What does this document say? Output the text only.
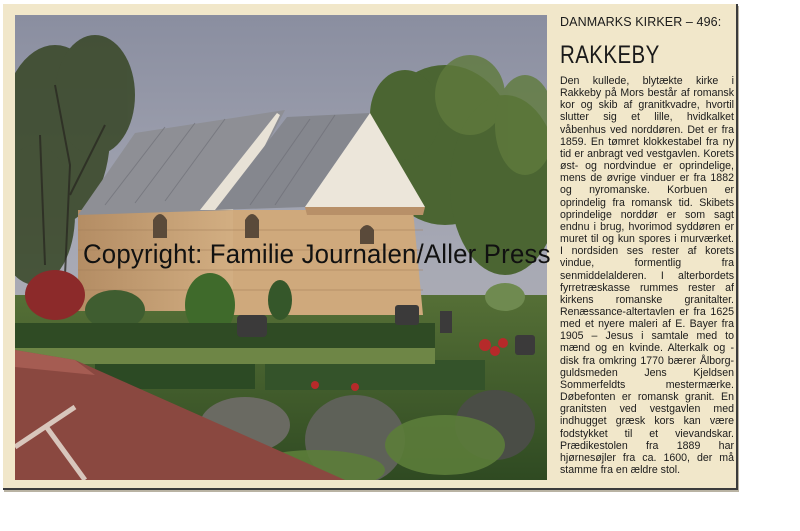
DANMARKS KIRKER – 496:
RAKKEBY
Den kullede, blytækte kirke i Rakkeby på Mors består af romansk kor og skib af granitkvadre, hvortil slutter sig et lille, hvidkalket våbenhus ved norddøren. Det er fra 1859. En tømret klokkestabel fra ny tid er anbragt ved vestgavlen. Korets øst- og nordvindue er oprindelige, mens de øvrige vinduer er fra 1882 og nyromanske. Korbuen er oprindelig fra romansk tid. Skibets oprindelige norddør er som sagt endnu i brug, hvorimod syddøren er muret til og kun spores i murværket. I nordsiden ses rester af korets vindue, formentlig fra senmiddelalderen. I alterbordets fyrretræskasse rummes rester af kirkens romanske granitalter. Renæssance-altertavlen er fra 1625 med et nyere maleri af E. Bayer fra 1905 – Jesus i samtale med to mænd og en kvinde. Alterkalk og -disk fra omkring 1770 bærer Ålborg-guldsmeden Jens Kjeldsen Sommerfeldts mestermærke. Døbefonten er romansk granit. En granitsten ved vestgavlen med indhugget græsk kors kan være fodstykket til et vievandskar. Prædikestolen fra 1889 har hjørnesøjler fra ca. 1600, der må stamme fra en ældre stol.
Copyright: Familie Journalen/Aller Press
